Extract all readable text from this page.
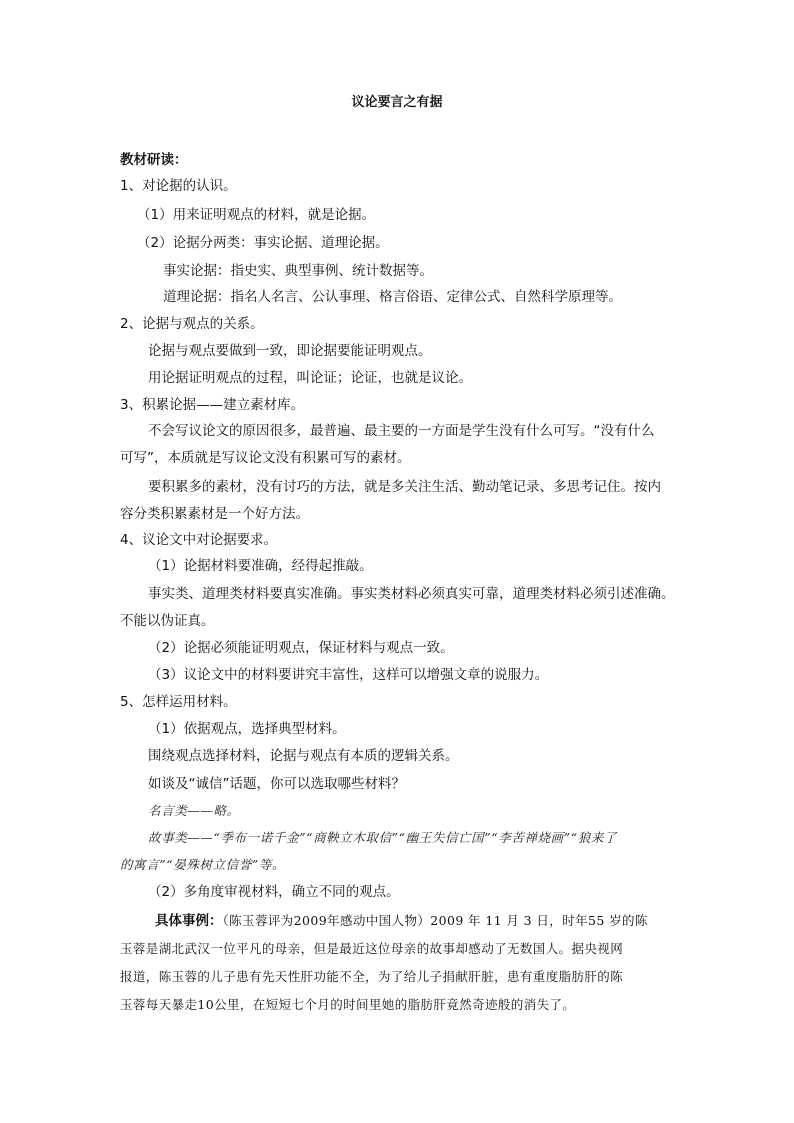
议论要言之有据
教材研读：
1、对论据的认识。
（1）用来证明观点的材料，就是论据。
（2）论据分两类：事实论据、道理论据。
事实论据：指史实、典型事例、统计数据等。
道理论据：指名人名言、公认事理、格言俗语、定律公式、自然科学原理等。
2、论据与观点的关系。
论据与观点要做到一致，即论据要能证明观点。
用论据证明观点的过程，叫论证；论证，也就是议论。
3、积累论据——建立素材库。
不会写议论文的原因很多，最普遍、最主要的一方面是学生没有什么可写。“没有什么
可写”，本质就是写议论文没有积累可写的素材。
要积累多的素材，没有讨巧的方法，就是多关注生活、勤动笔记录、多思考记住。按内
容分类积累素材是一个好方法。
4、议论文中对论据要求。
（1）论据材料要准确，经得起推敲。
事实类、道理类材料要真实准确。事实类材料必须真实可靠，道理类材料必须引述准确。
不能以伪证真。
（2）论据必须能证明观点，保证材料与观点一致。
（3）议论文中的材料要讲究丰富性，这样可以增强文章的说服力。
5、怎样运用材料。
（1）依据观点，选择典型材料。
围绕观点选择材料，论据与观点有本质的逻辑关系。
如谈及“诚信”话题，你可以选取哪些材料？
名言类——略。
故事类——“季布一诺千金”“商鞅立木取信”“幽王失信亡国”“李苦禅烧画”“狼来了
的寓言”“晏殊树立信誉”等。
（2）多角度审视材料，确立不同的观点。
具体事例：（陈玉蓉评为2009年感动中国人物）2009 年 11 月 3 日，时年55 岁的陈
玉蓉是湖北武汉一位平凡的母亲，但是最近这位母亲的故事却感动了无数国人。据央视网
报道，陈玉蓉的儿子患有先天性肝功能不全，为了给儿子捐献肝脏，患有重度脂肪肝的陈
玉蓉每天暴走10公里，在短短七个月的时间里她的脂肪肝竟然奇迹般的消失了。
